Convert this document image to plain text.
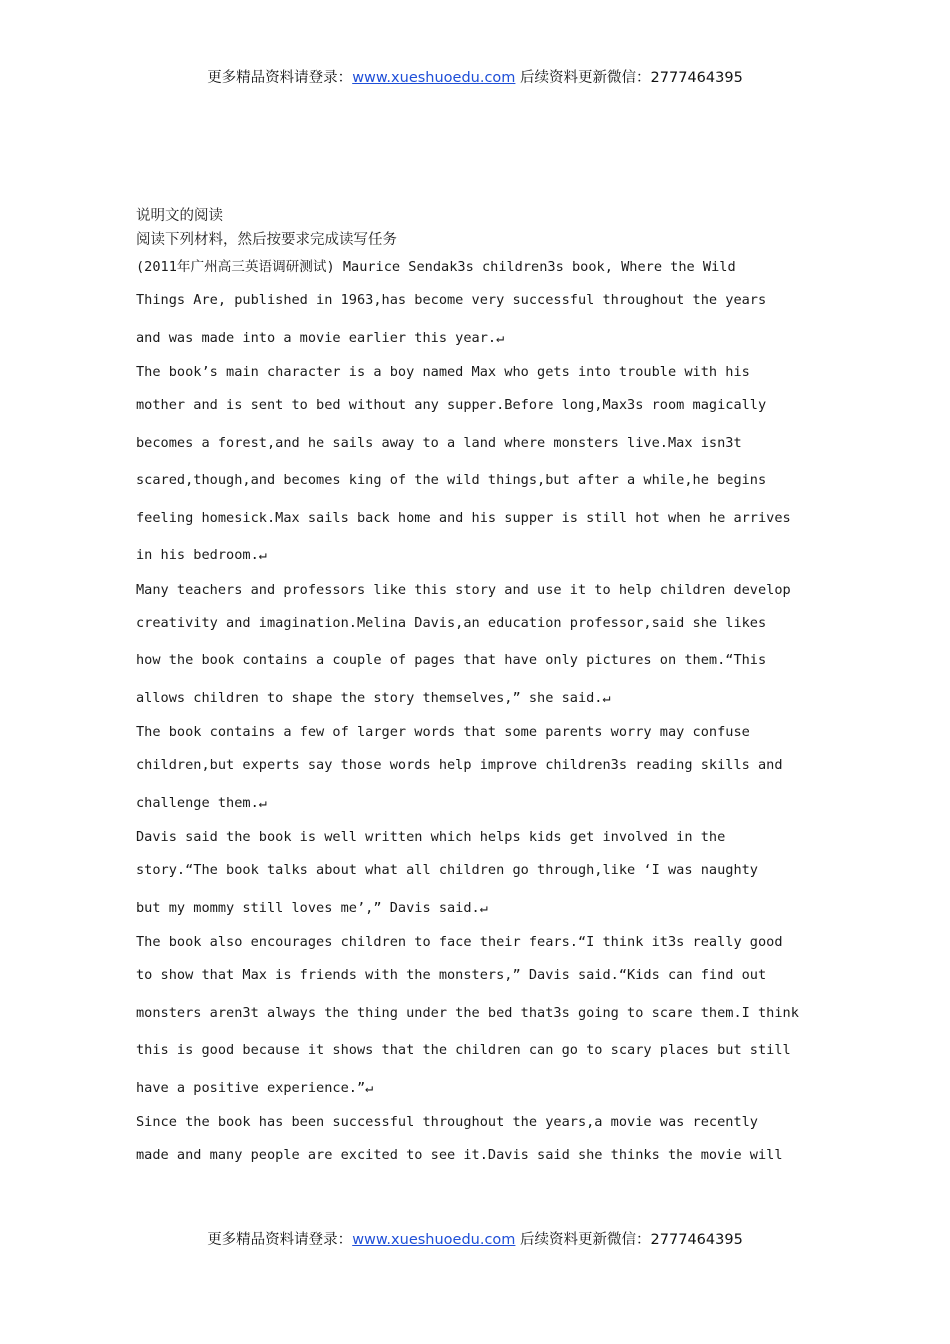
更多精品资料请登录：www.xueshuoedu.com 后续资料更新微信：2777464395
说明文的阅读
阅读下列材料，然后按要求完成读写任务
(2011年广州高三英语调研测试) Maurice Sendak3s children3s book, Where the Wild
Things Are, published in 1963,has become very successful throughout the years
and was made into a movie earlier this year.↵
The book’s main character is a boy named Max who gets into trouble with his
mother and is sent to bed without any supper.Before long,Max3s room magically
becomes a forest,and he sails away to a land where monsters live.Max isn3t
scared,though,and becomes king of the wild things,but after a while,he begins
feeling homesick.Max sails back home and his supper is still hot when he arrives
in his bedroom.↵
Many teachers and professors like this story and use it to help children develop
creativity and imagination.Melina Davis,an education professor,said she likes
how the book contains a couple of pages that have only pictures on them.“This
allows children to shape the story themselves,” she said.↵
The book contains a few of larger words that some parents worry may confuse
children,but experts say those words help improve children3s reading skills and
challenge them.↵
Davis said the book is well written which helps kids get involved in the
story.“The book talks about what all children go through,like ‘I was naughty
but my mommy still loves me’,” Davis said.↵
The book also encourages children to face their fears.“I think it3s really good
to show that Max is friends with the monsters,” Davis said.“Kids can find out
monsters aren3t always the thing under the bed that3s going to scare them.I think
this is good because it shows that the children can go to scary places but still
have a positive experience.”↵
Since the book has been successful throughout the years,a movie was recently
made and many people are excited to see it.Davis said she thinks the movie will
更多精品资料请登录：www.xueshuoedu.com 后续资料更新微信：2777464395
